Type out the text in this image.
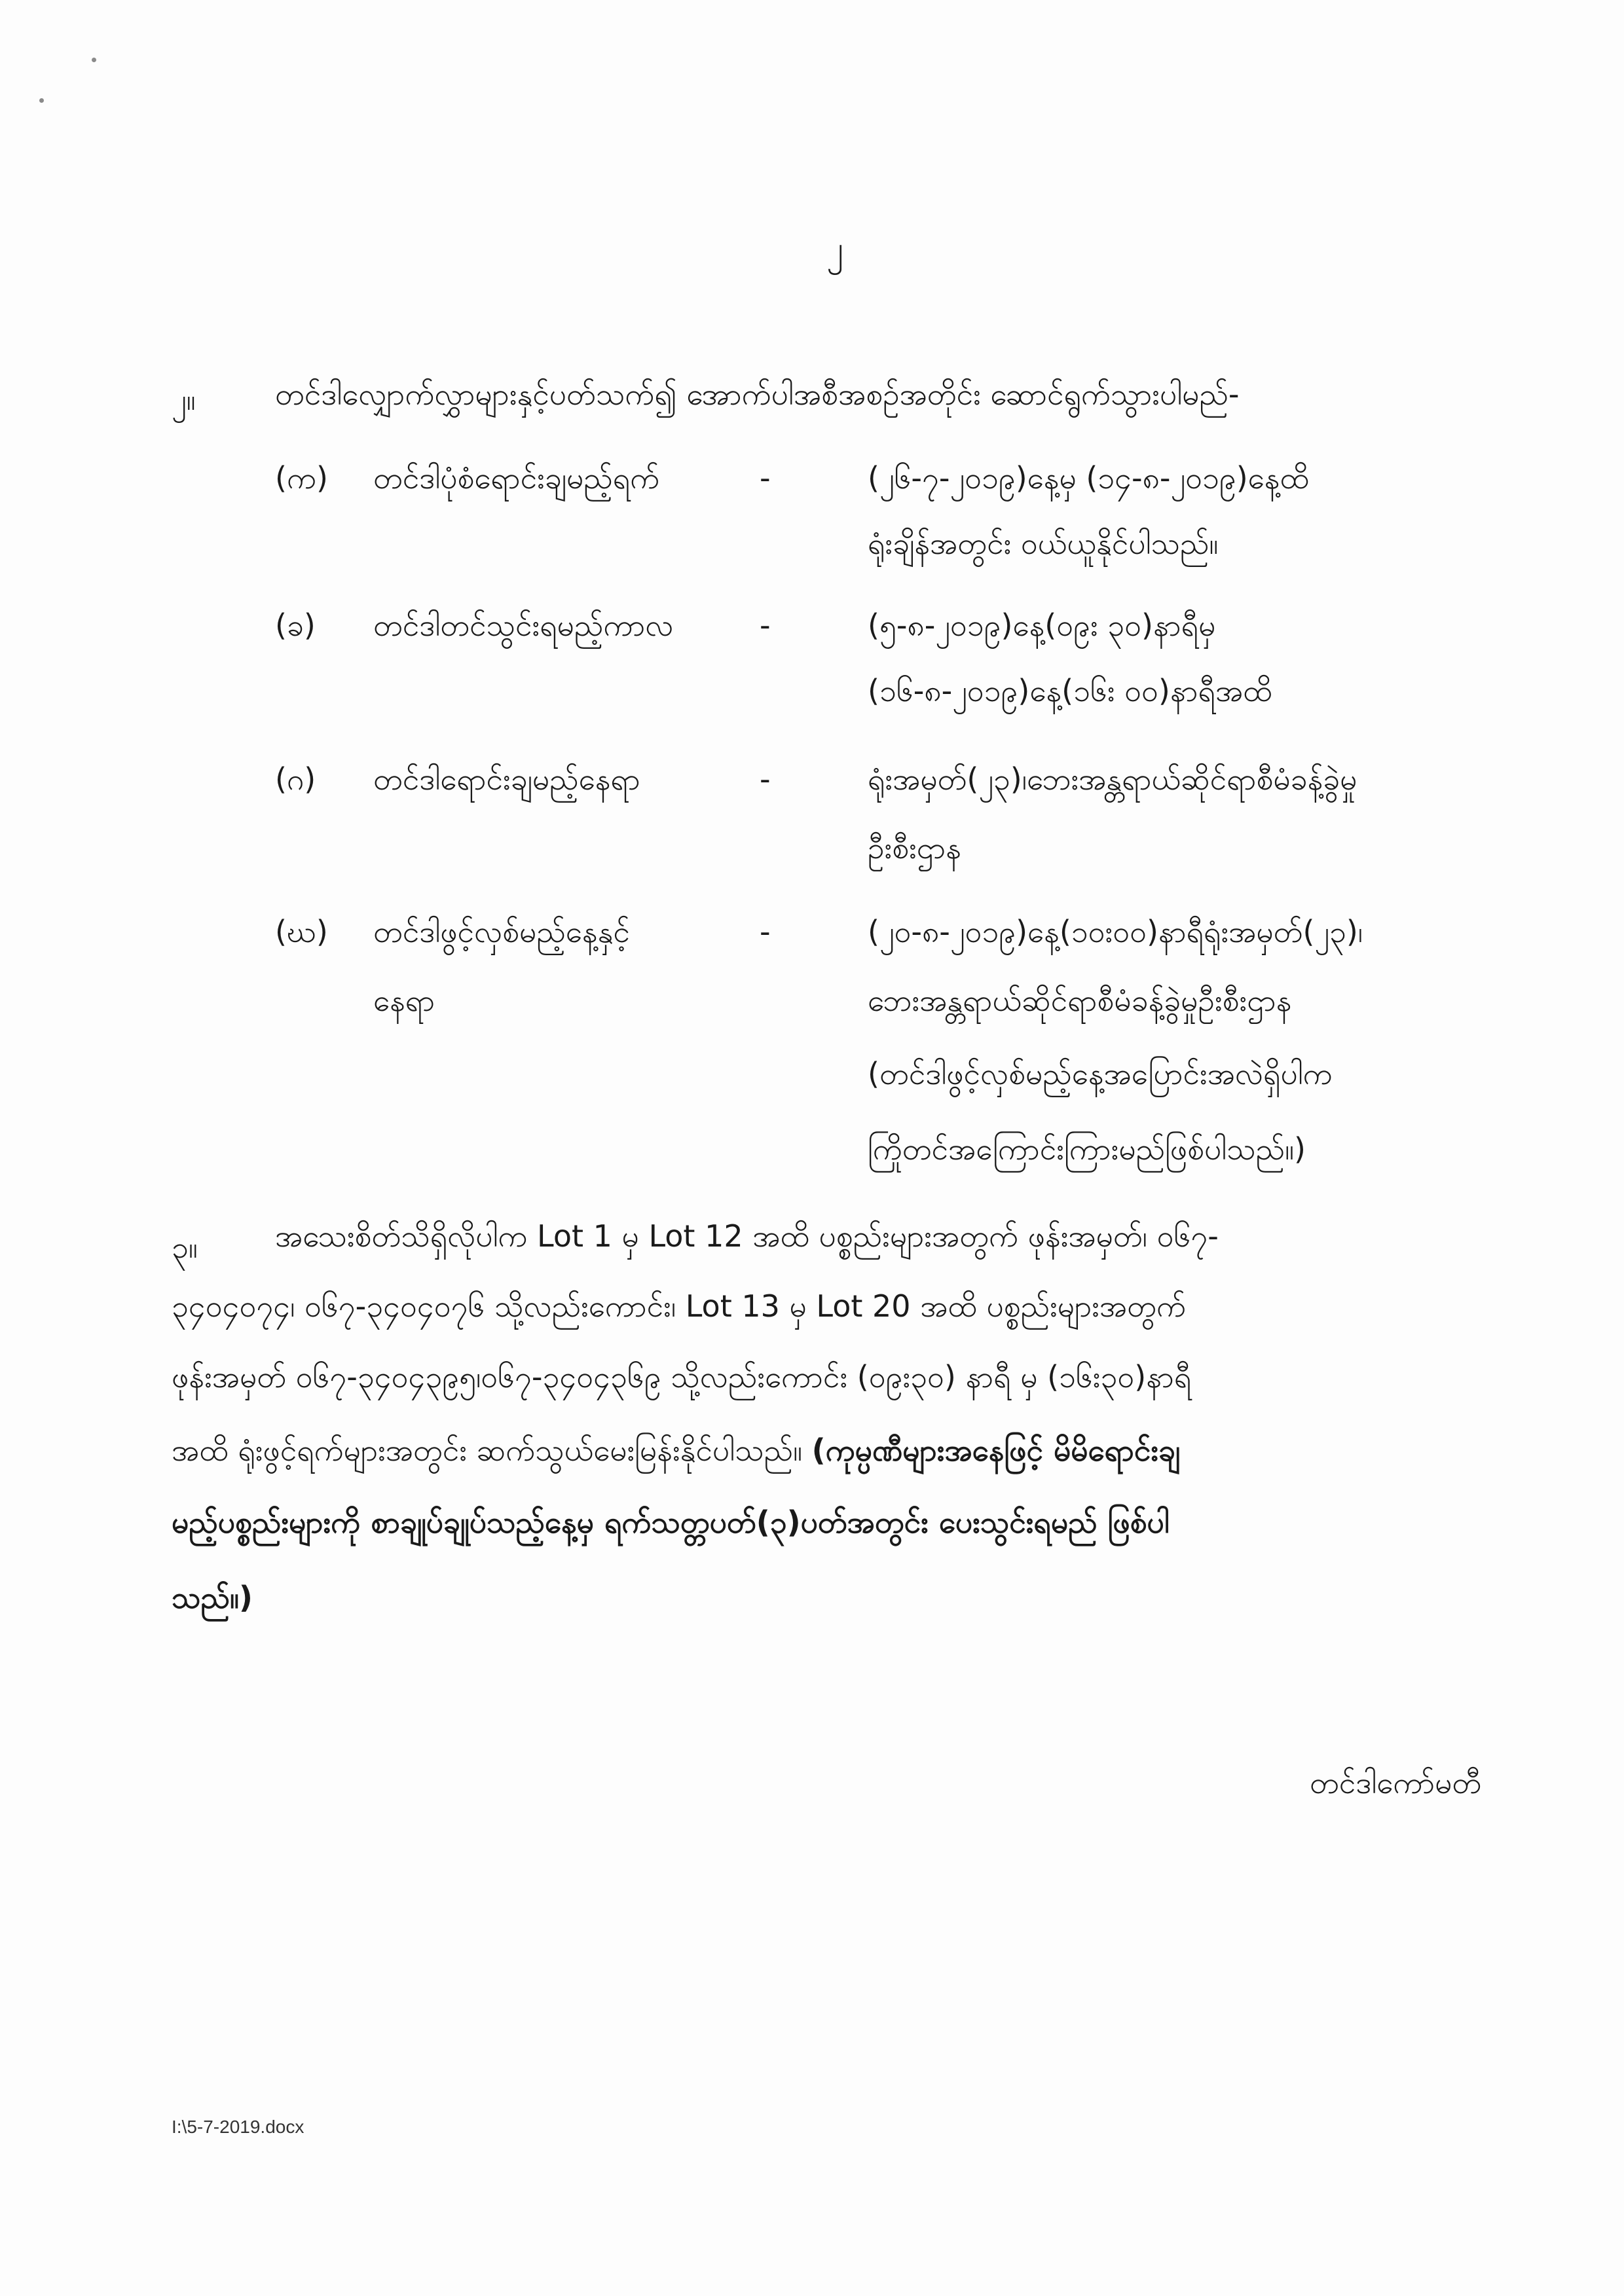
၂
၂။	တင်ဒါလျှောက်လွှာများနှင့်ပတ်သက်၍ အောက်ပါအစီအစဉ်အတိုင်း ဆောင်ရွက်သွားပါမည်-
(က) တင်ဒါပုံစံရောင်းချမည့်ရက်	-	(၂၆-၇-၂၀၁၉)နေ့မှ (၁၄-၈-၂၀၁၉)နေ့ထိ
ရုံးချိန်အတွင်း ဝယ်ယူနိုင်ပါသည်။
(ခ) တင်ဒါတင်သွင်းရမည့်ကာလ	-	(၅-၈-၂၀၁၉)နေ့(၀၉း ၃၀)နာရီမှ
(၁၆-၈-၂၀၁၉)နေ့(၁၆း ၀၀)နာရီအထိ
(ဂ) တင်ဒါရောင်းချမည့်နေရာ	-	ရုံးအမှတ်(၂၃)၊ဘေးအန္တရာယ်ဆိုင်ရာစီမံခန့်ခွဲမှု
ဦးစီးဌာန
(ဃ) တင်ဒါဖွင့်လှစ်မည့်နေ့နှင့်
နေရာ
-	(၂၀-၈-၂၀၁၉)နေ့(၁၀း၀၀)နာရီရုံးအမှတ်(၂၃)၊
ဘေးအန္တရာယ်ဆိုင်ရာစီမံခန့်ခွဲမှုဦးစီးဌာန
(တင်ဒါဖွင့်လှစ်မည့်နေ့အပြောင်းအလဲရှိပါက
ကြိုတင်အကြောင်းကြားမည်ဖြစ်ပါသည်။)
၃။	အသေးစိတ်သိရှိလိုပါက Lot 1 မှ Lot 12 အထိ ပစ္စည်းများအတွက် ဖုန်းအမှတ်၊ ၀၆၇-
၃၄၀၄၀၇၄၊ ၀၆၇-၃၄၀၄၀၇၆ သို့လည်းကောင်း၊ Lot 13 မှ Lot 20 အထိ ပစ္စည်းများအတွက်
ဖုန်းအမှတ် ၀၆၇-၃၄၀၄၃၉၅၊၀၆၇-၃၄၀၄၃၆၉ သို့လည်းကောင်း (၀၉း၃၀) နာရီ မှ (၁၆း၃၀)နာရီ
အထိ ရုံးဖွင့်ရက်များအတွင်း ဆက်သွယ်မေးမြန်းနိုင်ပါသည်။ (ကုမ္ပဏီများအနေဖြင့် မိမိရောင်းချ
မည့်ပစ္စည်းများကို စာချုပ်ချုပ်သည့်နေ့မှ ရက်သတ္တပတ်(၃)ပတ်အတွင်း ပေးသွင်းရမည် ဖြစ်ပါ
သည်။)
တင်ဒါကော်မတီ
I:\5-7-2019.docx
